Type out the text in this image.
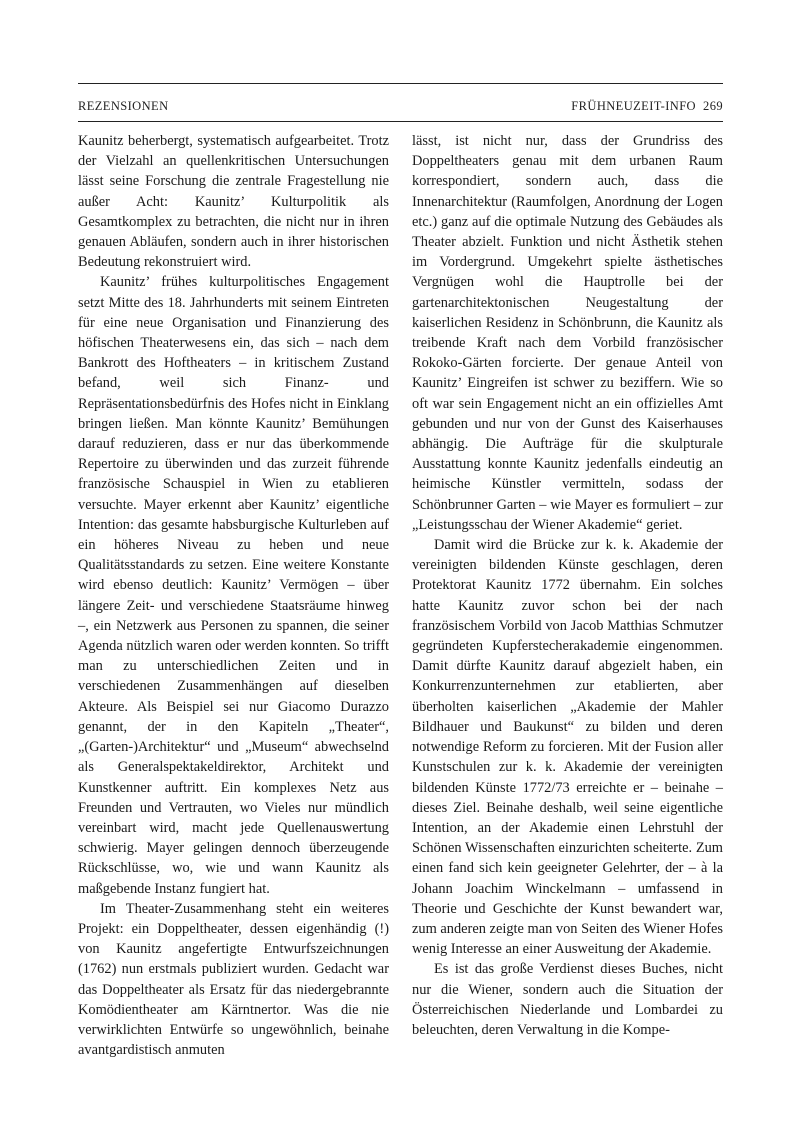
REZENSIONEN	FRÜHNEUZEIT-INFO 269

Kaunitz beherbergt, systematisch aufgearbeitet. Trotz der Vielzahl an quellenkritischen Untersuchungen lässt seine Forschung die zentrale Fragestellung nie außer Acht: Kaunitz’ Kulturpolitik als Gesamtkomplex zu betrachten, die nicht nur in ihren genauen Abläufen, sondern auch in ihrer historischen Bedeutung rekonstruiert wird.

Kaunitz’ frühes kulturpolitisches Engagement setzt Mitte des 18. Jahrhunderts mit seinem Eintreten für eine neue Organisation und Finanzierung des höfischen Theaterwesens ein, das sich – nach dem Bankrott des Hoftheaters – in kritischem Zustand befand, weil sich Finanz- und Repräsentationsbedürfnis des Hofes nicht in Einklang bringen ließen. Man könnte Kaunitz’ Bemühungen darauf reduzieren, dass er nur das überkommende Repertoire zu überwinden und das zurzeit führende französische Schauspiel in Wien zu etablieren versuchte. Mayer erkennt aber Kaunitz’ eigentliche Intention: das gesamte habsburgische Kulturleben auf ein höheres Niveau zu heben und neue Qualitätsstandards zu setzen. Eine weitere Konstante wird ebenso deutlich: Kaunitz’ Vermögen – über längere Zeit- und verschiedene Staatsräume hinweg –, ein Netzwerk aus Personen zu spannen, die seiner Agenda nützlich waren oder werden konnten. So trifft man zu unterschiedlichen Zeiten und in verschiedenen Zusammenhängen auf dieselben Akteure. Als Beispiel sei nur Giacomo Durazzo genannt, der in den Kapiteln „Theater“, „(Garten-)Architektur“ und „Museum“ abwechselnd als Generalspektakeldirektor, Architekt und Kunstkenner auftritt. Ein komplexes Netz aus Freunden und Vertrauten, wo Vieles nur mündlich vereinbart wird, macht jede Quellenauswertung schwierig. Mayer gelingen dennoch überzeugende Rückschlüsse, wo, wie und wann Kaunitz als maßgebende Instanz fungiert hat.

Im Theater-Zusammenhang steht ein weiteres Projekt: ein Doppeltheater, dessen eigenhändig (!) von Kaunitz angefertigte Entwurfszeichnungen (1762) nun erstmals publiziert wurden. Gedacht war das Doppeltheater als Ersatz für das niedergebrannte Komödientheater am Kärntnertor. Was die nie verwirklichten Entwürfe so ungewöhnlich, beinahe avantgardistisch anmuten

lässt, ist nicht nur, dass der Grundriss des Doppeltheaters genau mit dem urbanen Raum korrespondiert, sondern auch, dass die Innenarchitektur (Raumfolgen, Anordnung der Logen etc.) ganz auf die optimale Nutzung des Gebäudes als Theater abzielt. Funktion und nicht Ästhetik stehen im Vordergrund. Umgekehrt spielte ästhetisches Vergnügen wohl die Hauptrolle bei der gartenarchitektonischen Neugestaltung der kaiserlichen Residenz in Schönbrunn, die Kaunitz als treibende Kraft nach dem Vorbild französischer Rokoko-Gärten forcierte. Der genaue Anteil von Kaunitz’ Eingreifen ist schwer zu beziffern. Wie so oft war sein Engagement nicht an ein offizielles Amt gebunden und nur von der Gunst des Kaiserhauses abhängig. Die Aufträge für die skulpturale Ausstattung konnte Kaunitz jedenfalls eindeutig an heimische Künstler vermitteln, sodass der Schönbrunner Garten – wie Mayer es formuliert – zur „Leistungsschau der Wiener Akademie“ geriet.

Damit wird die Brücke zur k. k. Akademie der vereinigten bildenden Künste geschlagen, deren Protektorat Kaunitz 1772 übernahm. Ein solches hatte Kaunitz zuvor schon bei der nach französischem Vorbild von Jacob Matthias Schmutzer gegründeten Kupferstecherakademie eingenommen. Damit dürfte Kaunitz darauf abgezielt haben, ein Konkurrenzunternehmen zur etablierten, aber überholten kaiserlichen „Akademie der Mahler Bildhauer und Baukunst“ zu bilden und deren notwendige Reform zu forcieren. Mit der Fusion aller Kunstschulen zur k. k. Akademie der vereinigten bildenden Künste 1772/73 erreichte er – beinahe – dieses Ziel. Beinahe deshalb, weil seine eigentliche Intention, an der Akademie einen Lehrstuhl der Schönen Wissenschaften einzurichten scheiterte. Zum einen fand sich kein geeigneter Gelehrter, der – à la Johann Joachim Winckelmann – umfassend in Theorie und Geschichte der Kunst bewandert war, zum anderen zeigte man von Seiten des Wiener Hofes wenig Interesse an einer Ausweitung der Akademie.

Es ist das große Verdienst dieses Buches, nicht nur die Wiener, sondern auch die Situation der Österreichischen Niederlande und Lombardei zu beleuchten, deren Verwaltung in die Kompe-
